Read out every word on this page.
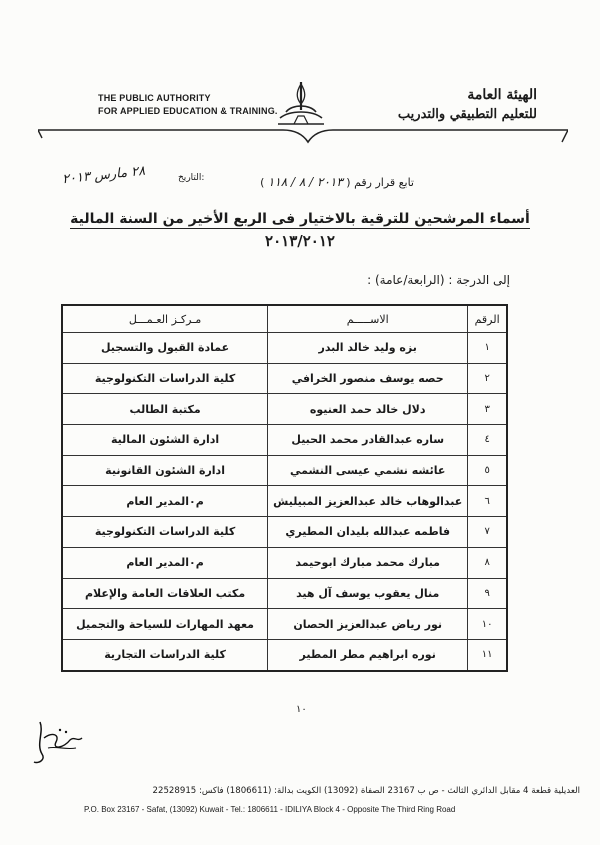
THE PUBLIC AUTHORITY
FOR APPLIED EDUCATION & TRAINING.
الهيئة العامة
للتعليم التطبيقي والتدريب
تابع قرار رقم ( ٢٠١٣ / ٨ / ١١٨ )
التاريخ:
٢٨ مارس ٢٠١٣
أسماء المرشحين للترقية بالاختيار فى الربع الأخير من السنة المالية
٢٠١٣/٢٠١٢
إلى الدرجة : (الرابعة/عامة) :
الرقم	الاســـــم	مـركـز العـمـــل
١	بزه وليد خالد البدر	عمادة القبول والتسجيل
٢	حصه يوسف منصور الخرافي	كلية الدراسات التكنولوجية
٣	دلال خالد حمد العنيوه	مكتبة الطالب
٤	ساره عبدالقادر محمد الحبيل	ادارة الشئون المالية
٥	عائشه نشمي عيسى النشمي	ادارة الشئون القانونية
٦	عبدالوهاب خالد عبدالعزيز المبيليش	م٠المدير العام
٧	فاطمه عبدالله بليدان المطيري	كلية الدراسات التكنولوجية
٨	مبارك محمد مبارك ابوحيمد	م٠المدير العام
٩	منال يعقوب يوسف آل هيد	مكتب العلاقات العامة والإعلام
١٠	نور رياض عبدالعزيز الحصان	معهد المهارات للسياحة والتجميل
١١	نوره ابراهيم مطر المطير	كلية الدراسات التجارية
١٠
العديلية قطعة 4 مقابل الدائري الثالث - ص ب 23167 الصفاة (13092) الكويت بدالة: (1806611) فاكس: 22528915
P.O. Box 23167 - Safat, (13092) Kuwait - Tel.: 1806611 - IDILIYA Block 4 - Opposite The Third Ring Road
